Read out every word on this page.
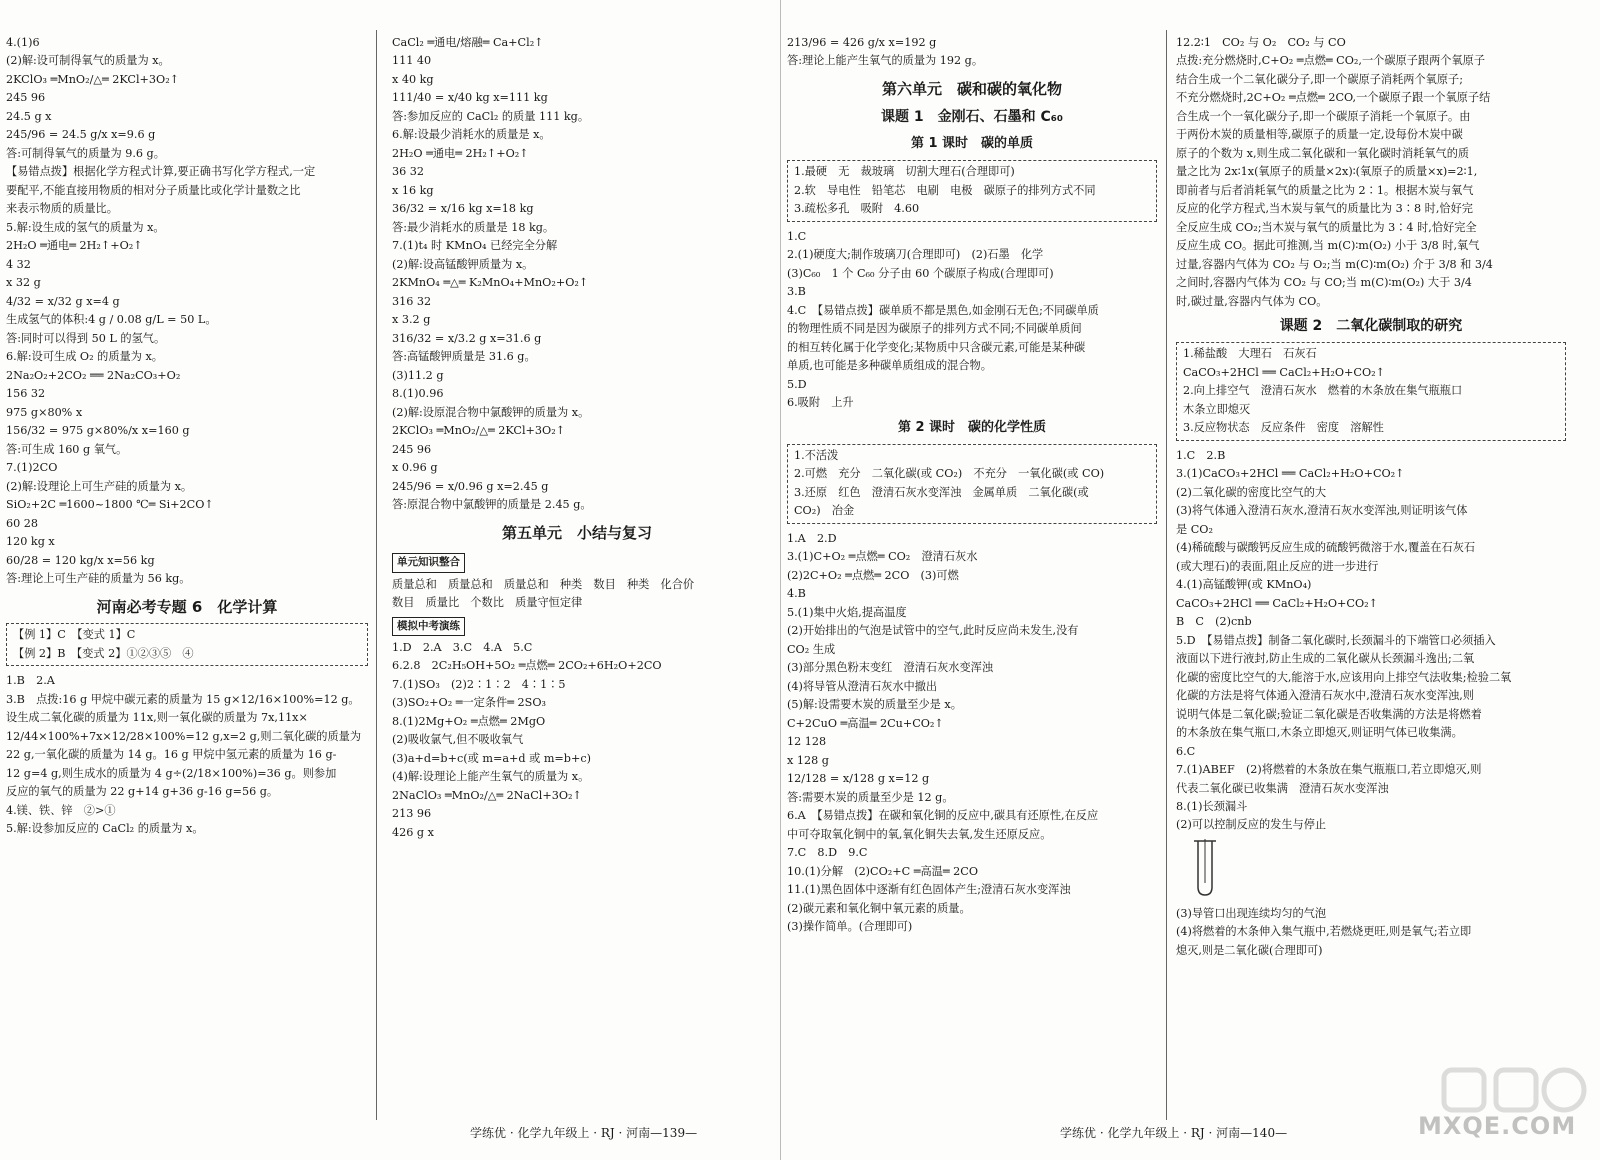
4.(1)6
(2)解:设可制得氧气的质量为 x。
2KClO₃ ═MnO₂/△═ 2KCl+3O₂↑
245 96
24.5 g x
245/96 = 24.5 g/x x=9.6 g
答:可制得氧气的质量为 9.6 g。
【易错点拨】根据化学方程式计算,要正确书写化学方程式,一定
要配平,不能直接用物质的相对分子质量比或化学计量数之比
来表示物质的质量比。
5.解:设生成的氢气的质量为 x。
2H₂O ═通电═ 2H₂↑+O₂↑
4 32
x 32 g
4/32 = x/32 g x=4 g
生成氢气的体积:4 g / 0.08 g/L = 50 L。
答:同时可以得到 50 L 的氢气。
6.解:设可生成 O₂ 的质量为 x。
2Na₂O₂+2CO₂ ══ 2Na₂CO₃+O₂
156 32
975 g×80% x
156/32 = 975 g×80%/x x=160 g
答:可生成 160 g 氧气。
7.(1)2CO
(2)解:设理论上可生产硅的质量为 x。
SiO₂+2C ═1600~1800 ℃═ Si+2CO↑
60 28
120 kg x
60/28 = 120 kg/x x=56 kg
答:理论上可生产硅的质量为 56 kg。
河南必考专题 6　化学计算
【例 1】C　【变式 1】C
【例 2】B　【变式 2】①②③⑤　④
1.B　2.A
3.B　点拨:16 g 甲烷中碳元素的质量为 15 g×12/16×100%=12 g。
设生成二氧化碳的质量为 11x,则一氧化碳的质量为 7x,11x×
12/44×100%+7x×12/28×100%=12 g,x=2 g,则二氧化碳的质量为
22 g,一氧化碳的质量为 14 g。16 g 甲烷中氢元素的质量为 16 g-
12 g=4 g,则生成水的质量为 4 g÷(2/18×100%)=36 g。则参加
反应的氧气的质量为 22 g+14 g+36 g-16 g=56 g。
4.镁、铁、锌　②>①
5.解:设参加反应的 CaCl₂ 的质量为 x。
CaCl₂ ═通电/熔融═ Ca+Cl₂↑
111 40
x 40 kg
111/40 = x/40 kg x=111 kg
答:参加反应的 CaCl₂ 的质量 111 kg。
6.解:设最少消耗水的质量是 x。
2H₂O ═通电═ 2H₂↑+O₂↑
36 32
x 16 kg
36/32 = x/16 kg x=18 kg
答:最少消耗水的质量是 18 kg。
7.(1)t₄ 时 KMnO₄ 已经完全分解
(2)解:设高锰酸钾质量为 x。
2KMnO₄ ═△═ K₂MnO₄+MnO₂+O₂↑
316 32
x 3.2 g
316/32 = x/3.2 g x=31.6 g
答:高锰酸钾质量是 31.6 g。
(3)11.2 g
8.(1)0.96
(2)解:设原混合物中氯酸钾的质量为 x。
2KClO₃ ═MnO₂/△═ 2KCl+3O₂↑
245 96
x 0.96 g
245/96 = x/0.96 g x=2.45 g
答:原混合物中氯酸钾的质量是 2.45 g。
第五单元　小结与复习
单元知识整合
质量总和　质量总和　质量总和　种类　数目　种类　化合价
数目　质量比　个数比　质量守恒定律
模拟中考演练
1.D　2.A　3.C　4.A　5.C
6.2.8　2C₂H₅OH+5O₂ ═点燃═ 2CO₂+6H₂O+2CO
7.(1)SO₃　(2)2∶1∶2　4∶1∶5
(3)SO₂+O₂ ═一定条件═ 2SO₃
8.(1)2Mg+O₂ ═点燃═ 2MgO
(2)吸收氯气,但不吸收氧气
(3)a+d=b+c(或 m=a+d 或 m=b+c)
(4)解:设理论上能产生氧气的质量为 x。
2NaClO₃ ═MnO₂/△═ 2NaCl+3O₂↑
213 96
426 g x
213/96 = 426 g/x x=192 g
答:理论上能产生氧气的质量为 192 g。
第六单元　碳和碳的氧化物
课题 1　金刚石、石墨和 C₆₀
第 1 课时　碳的单质
1.最硬　无　裁玻璃　切割大理石(合理即可)
2.软　导电性　铅笔芯　电刷　电极　碳原子的排列方式不同
3.疏松多孔　吸附　4.60
1.C
2.(1)硬度大;制作玻璃刀(合理即可)　(2)石墨　化学
(3)C₆₀　1 个 C₆₀ 分子由 60 个碳原子构成(合理即可)
3.B
4.C　【易错点拨】碳单质不都是黑色,如金刚石无色;不同碳单质
的物理性质不同是因为碳原子的排列方式不同;不同碳单质间
的相互转化属于化学变化;某物质中只含碳元素,可能是某种碳
单质,也可能是多种碳单质组成的混合物。
5.D
6.吸附　上升
第 2 课时　碳的化学性质
1.不活泼
2.可燃　充分　二氧化碳(或 CO₂)　不充分　一氧化碳(或 CO)
3.还原　红色　澄清石灰水变浑浊　金属单质　二氧化碳(或
CO₂)　冶金
1.A　2.D
3.(1)C+O₂ ═点燃═ CO₂　澄清石灰水
(2)2C+O₂ ═点燃═ 2CO　(3)可燃
4.B
5.(1)集中火焰,提高温度
(2)开始排出的气泡是试管中的空气,此时反应尚未发生,没有
CO₂ 生成
(3)部分黑色粉末变红　澄清石灰水变浑浊
(4)将导管从澄清石灰水中撤出
(5)解:设需要木炭的质量至少是 x。
C+2CuO ═高温═ 2Cu+CO₂↑
12 128
x 128 g
12/128 = x/128 g x=12 g
答:需要木炭的质量至少是 12 g。
6.A　【易错点拨】在碳和氧化铜的反应中,碳具有还原性,在反应
中可夺取氧化铜中的氧,氧化铜失去氧,发生还原反应。
7.C　8.D　9.C
10.(1)分解　(2)CO₂+C ═高温═ 2CO
11.(1)黑色固体中逐渐有红色固体产生;澄清石灰水变浑浊
(2)碳元素和氧化铜中氧元素的质量。
(3)操作简单。(合理即可)
12.2∶1　CO₂ 与 O₂　CO₂ 与 CO
点拨:充分燃烧时,C+O₂ ═点燃═ CO₂,一个碳原子跟两个氧原子
结合生成一个二氧化碳分子,即一个碳原子消耗两个氧原子;
不充分燃烧时,2C+O₂ ═点燃═ 2CO,一个碳原子跟一个氧原子结
合生成一个一氧化碳分子,即一个碳原子消耗一个氧原子。由
于两份木炭的质量相等,碳原子的质量一定,设每份木炭中碳
原子的个数为 x,则生成二氧化碳和一氧化碳时消耗氧气的质
量之比为 2x∶1x(氧原子的质量×2x)∶(氧原子的质量×x)=2∶1,
即前者与后者消耗氧气的质量之比为 2∶1。根据木炭与氧气
反应的化学方程式,当木炭与氧气的质量比为 3∶8 时,恰好完
全反应生成 CO₂;当木炭与氧气的质量比为 3∶4 时,恰好完全
反应生成 CO。据此可推测,当 m(C)∶m(O₂) 小于 3/8 时,氧气
过量,容器内气体为 CO₂ 与 O₂;当 m(C)∶m(O₂) 介于 3/8 和 3/4
之间时,容器内气体为 CO₂ 与 CO;当 m(C)∶m(O₂) 大于 3/4
时,碳过量,容器内气体为 CO。
课题 2　二氧化碳制取的研究
1.稀盐酸　大理石　石灰石
CaCO₃+2HCl ══ CaCl₂+H₂O+CO₂↑
2.向上排空气　澄清石灰水　燃着的木条放在集气瓶瓶口
木条立即熄灭
3.反应物状态　反应条件　密度　溶解性
1.C　2.B
3.(1)CaCO₃+2HCl ══ CaCl₂+H₂O+CO₂↑
(2)二氧化碳的密度比空气的大
(3)将气体通入澄清石灰水,澄清石灰水变浑浊,则证明该气体
是 CO₂
(4)稀硫酸与碳酸钙反应生成的硫酸钙微溶于水,覆盖在石灰石
(或大理石)的表面,阻止反应的进一步进行
4.(1)高锰酸钾(或 KMnO₄)
CaCO₃+2HCl ══ CaCl₂+H₂O+CO₂↑
B　C　(2)cnb
5.D　【易错点拨】制备二氧化碳时,长颈漏斗的下端管口必须插入
液面以下进行液封,防止生成的二氧化碳从长颈漏斗逸出;二氧
化碳的密度比空气的大,能溶于水,应该用向上排空气法收集;检验二氧
化碳的方法是将气体通入澄清石灰水中,澄清石灰水变浑浊,则
说明气体是二氧化碳;验证二氧化碳是否收集满的方法是将燃着
的木条放在集气瓶口,木条立即熄灭,则证明气体已收集满。
6.C
7.(1)ABEF　(2)将燃着的木条放在集气瓶瓶口,若立即熄灭,则
代表二氧化碳已收集满　澄清石灰水变浑浊
8.(1)长颈漏斗
(2)可以控制反应的发生与停止
(3)导管口出现连续均匀的气泡
(4)将燃着的木条伸入集气瓶中,若燃烧更旺,则是氧气;若立即
熄灭,则是二氧化碳(合理即可)
学练优 · 化学九年级上 · RJ · 河南—139—	学练优 · 化学九年级上 · RJ · 河南—140—	MXQE.COM
